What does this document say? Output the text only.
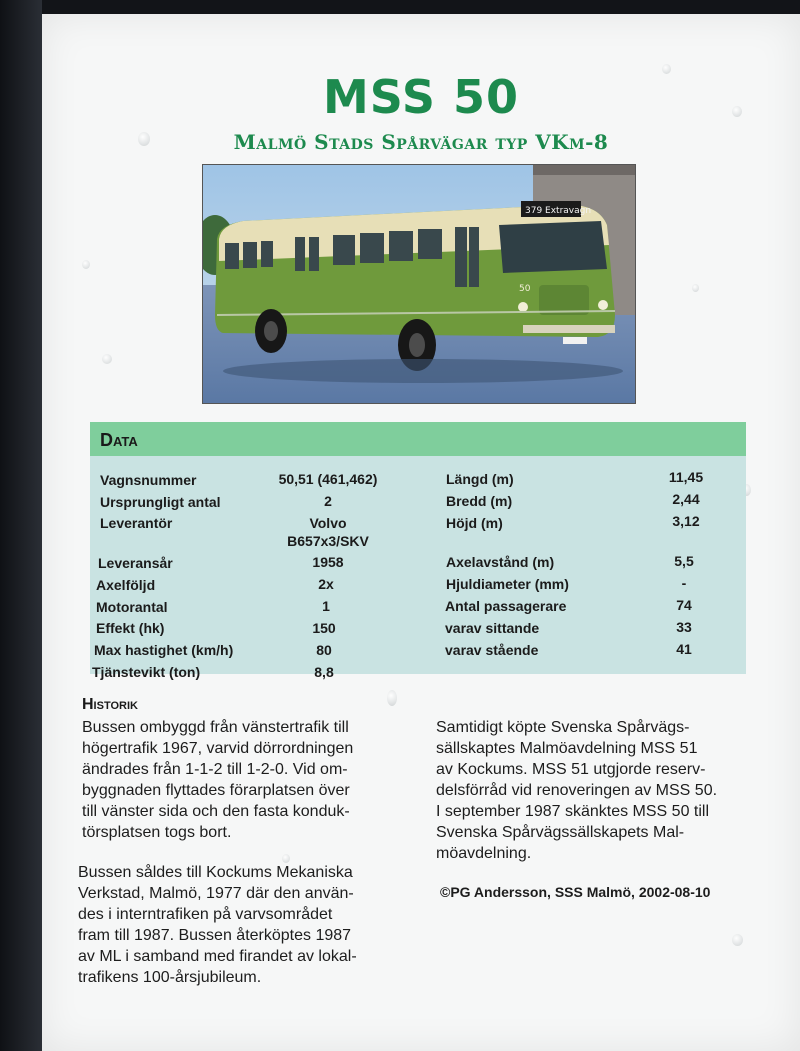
MSS 50
Malmö Stads Spårvägar typ VKm-8
379 Extravagn
50
Data
Vagnsnummer	50,51 (461,462)
Ursprungligt antal	2
Leverantör	Volvo
B657x3/SKV
Leveransår	1958
Axelföljd	2x
Motorantal	1
Effekt (hk)	150
Max hastighet (km/h)	80
Tjänstevikt (ton)	8,8
Längd (m)	11,45
Bredd (m)	2,44
Höjd (m)	3,12
Axelavstånd (m)	5,5
Hjuldiameter (mm)	-
Antal passagerare	74
varav sittande	33
varav stående	41
Historik
Bussen ombyggd från vänstertrafik till
högertrafik 1967, varvid dörrordningen
ändrades från 1-1-2 till 1-2-0. Vid om-
byggnaden flyttades förarplatsen över
till vänster sida och den fasta konduk-
törsplatsen togs bort.
Bussen såldes till Kockums Mekaniska
Verkstad, Malmö, 1977 där den använ-
des i interntrafiken på varvsområdet
fram till 1987. Bussen återköptes 1987
av ML i samband med firandet av lokal-
trafikens 100-årsjubileum.
Samtidigt köpte Svenska Spårvägs-
sällskaptes Malmöavdelning MSS 51
av Kockums. MSS 51 utgjorde reserv-
delsförråd vid renoveringen av MSS 50.
I september 1987 skänktes MSS 50 till
Svenska Spårvägssällskapets Mal-
möavdelning.
©PG Andersson, SSS Malmö, 2002-08-10
